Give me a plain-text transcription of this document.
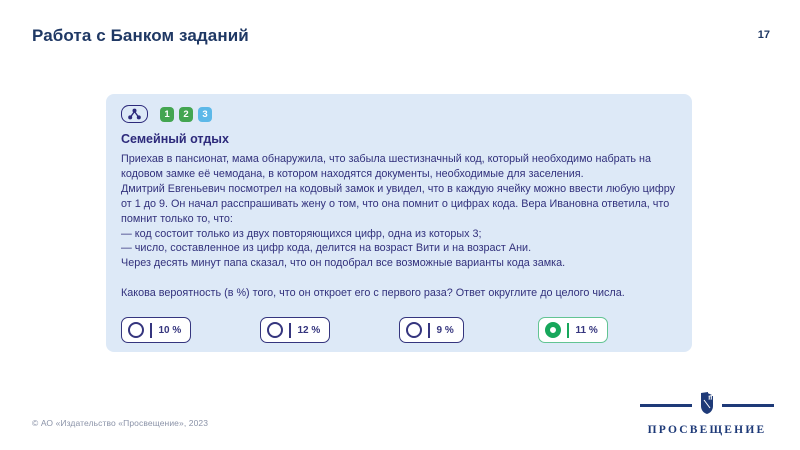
Работа с Банком заданий	17
1	2	3
Семейный отдых

Приехав в пансионат, мама обнаружила, что забыла шестизначный код, который необходимо набрать на кодовом замке её чемодана, в котором находятся документы, необходимые для заселения.

Дмитрий Евгеньевич посмотрел на кодовый замок и увидел, что в каждую ячейку можно ввести любую цифру от 1 до 9. Он начал расспрашивать жену о том, что она помнит о цифрах кода. Вера Ивановна ответила, что помнит только то, что:

— код состоит только из двух повторяющихся цифр, одна из которых 3;

— число, составленное из цифр кода, делится на возраст Вити и на возраст Ани.

Через десять минут папа сказал, что он подобрал все возможные варианты кода замка.

Какова вероятность (в %) того, что он откроет его с первого раза? Ответ округлите до целого числа.

10 %	12 %	9 %	11 %
© АО «Издательство «Просвещение», 2023
п
ПРОСВЕЩЕНИЕ
